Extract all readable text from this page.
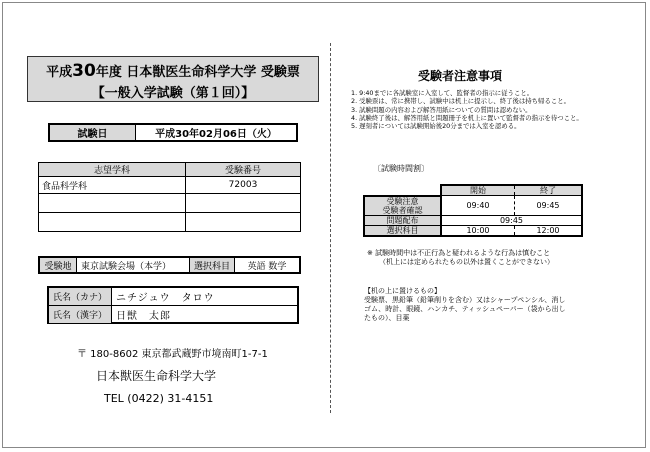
平成30年度 日本獣医生命科学大学 受験票
【一般入学試験（第１回）】
試験日	平成30年02月06日（火）
志望学科	受験番号
食品科学科	72003

受験地	東京試験会場（本学）	選択科目	英語 数学
氏名（カナ） ニチジュウ　タロウ
氏名（漢字） 日獣　太郎
〒 180-8602 東京都武蔵野市境南町1-7-1
日本獣医生命科学大学
TEL (0422) 31-4151
受験者注意事項
1. 9:40までに各試験室に入室して、監督者の指示に従うこと。
2. 受験票は、常に携帯し、試験中は机上に提示し、終了後は持ち帰ること。
3. 試験問題の内容および解答用紙についての質問は認めない。
4. 試験終了後は、解答用紙と問題冊子を机上に置いて監督者の指示を待つこと。
5. 遅刻者については試験開始後20分までは入室を認める。
〔試験時間割〕
	開始	終了
受験注意
受験者確認	09:40	09:45
問題配布	09:45	
選択科目	10:00	12:00
※ 試験時間中は不正行為と疑われるような行為は慎むこと
（机上には定められたもの以外は置くことができない）
【机の上に置けるもの】
受験票、黒鉛筆（鉛筆削りを含む）又はシャープペンシル、消し
ゴム、時計、眼鏡、ハンカチ、ティッシュペーパー（袋から出し
たもの）、目薬
